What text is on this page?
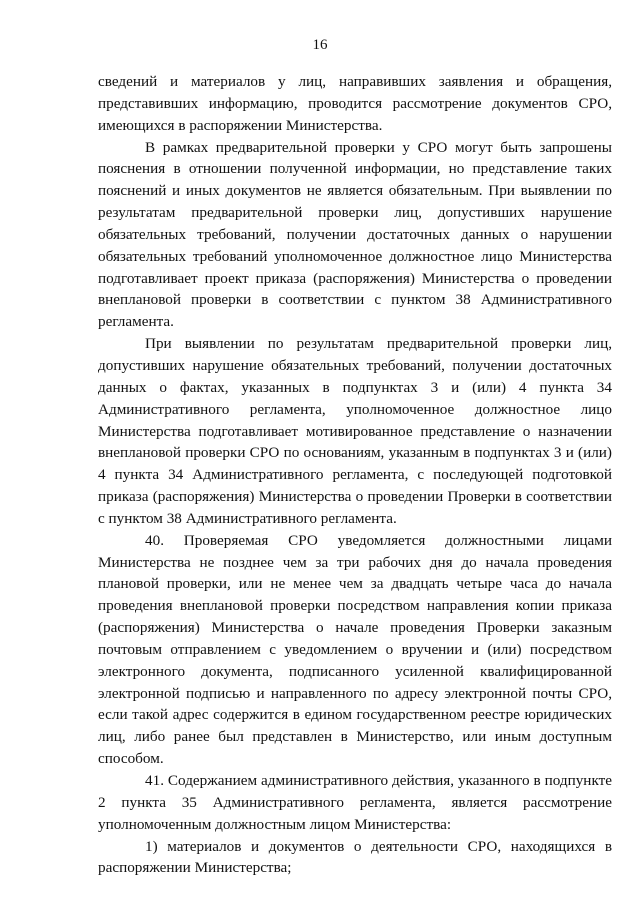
16

сведений и материалов у лиц, направивших заявления и обращения, представивших информацию, проводится рассмотрение документов СРО, имеющихся в распоряжении Министерства.

В рамках предварительной проверки у СРО могут быть запрошены пояснения в отношении полученной информации, но представление таких пояснений и иных документов не является обязательным. При выявлении по результатам предварительной проверки лиц, допустивших нарушение обязательных требований, получении достаточных данных о нарушении обязательных требований уполномоченное должностное лицо Министерства подготавливает проект приказа (распоряжения) Министерства о проведении внеплановой проверки в соответствии с пунктом 38 Административного регламента.

При выявлении по результатам предварительной проверки лиц, допустивших нарушение обязательных требований, получении достаточных данных о фактах, указанных в подпунктах 3 и (или) 4 пункта 34 Административного регламента, уполномоченное должностное лицо Министерства подготавливает мотивированное представление о назначении внеплановой проверки СРО по основаниям, указанным в подпунктах 3 и (или) 4 пункта 34 Административного регламента, с последующей подготовкой приказа (распоряжения) Министерства о проведении Проверки в соответствии с пунктом 38 Административного регламента.

40. Проверяемая СРО уведомляется должностными лицами Министерства не позднее чем за три рабочих дня до начала проведения плановой проверки, или не менее чем за двадцать четыре часа до начала проведения внеплановой проверки посредством направления копии приказа (распоряжения) Министерства о начале проведения Проверки заказным почтовым отправлением с уведомлением о вручении и (или) посредством электронного документа, подписанного усиленной квалифицированной электронной подписью и направленного по адресу электронной почты СРО, если такой адрес содержится в едином государственном реестре юридических лиц, либо ранее был представлен в Министерство, или иным доступным способом.

41. Содержанием административного действия, указанного в подпункте 2 пункта 35 Административного регламента, является рассмотрение уполномоченным должностным лицом Министерства:

1) материалов и документов о деятельности СРО, находящихся в распоряжении Министерства;
